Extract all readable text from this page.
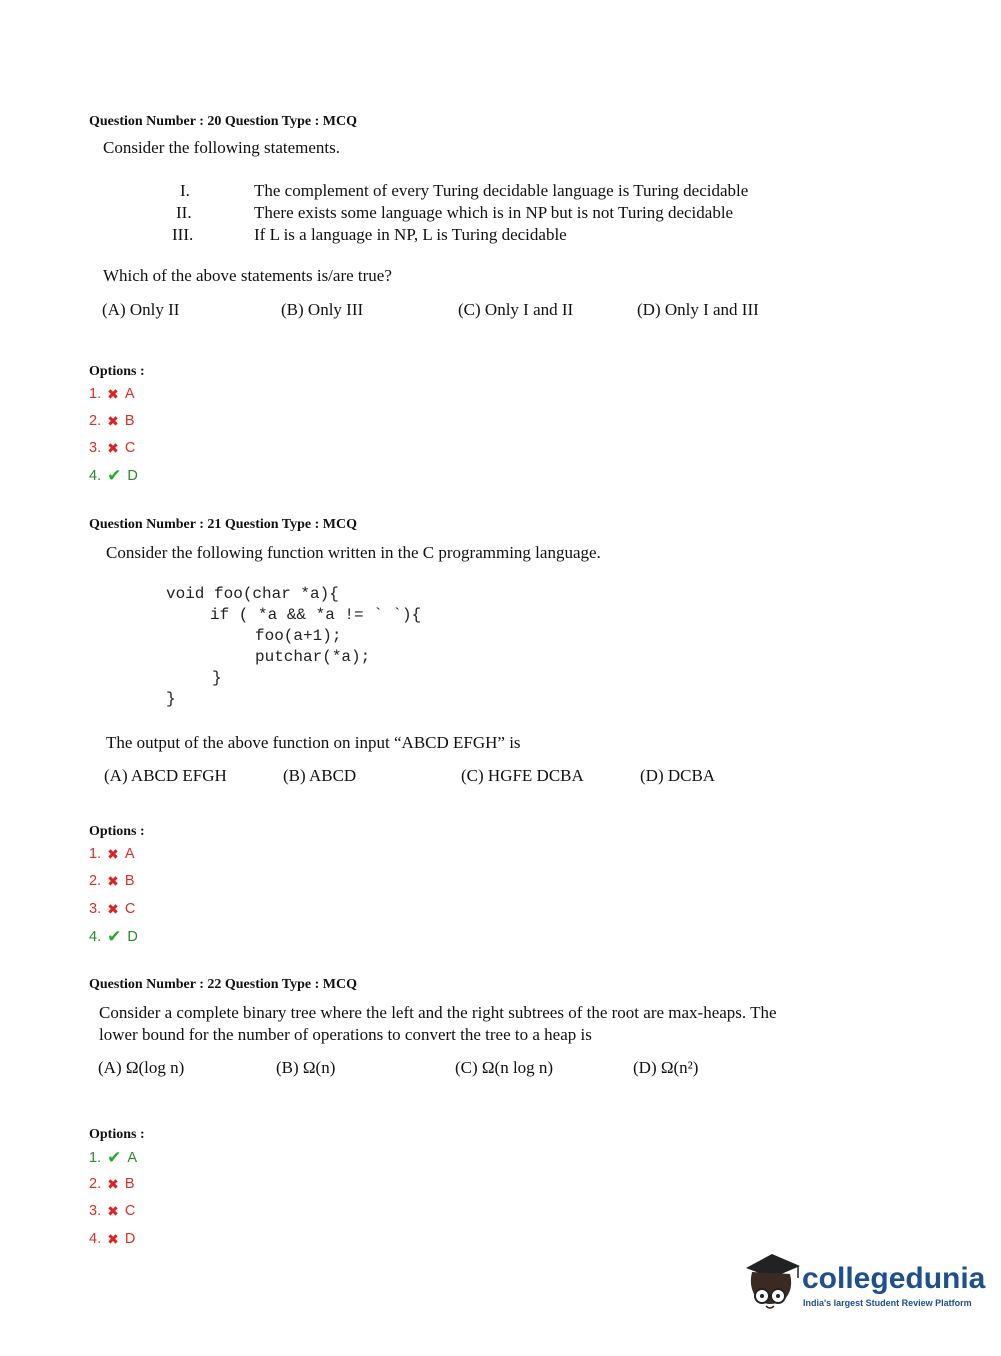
Question Number : 20 Question Type : MCQ
Consider the following statements.
I.	The complement of every Turing decidable language is Turing decidable
II.	There exists some language which is in NP but is not Turing decidable
III.	If L is a language in NP, L is Turing decidable
Which of the above statements is/are true?
(A) Only II	(B) Only III	(C) Only I and II	(D) Only I and III
Options :
1. ✖ A
2. ✖ B
3. ✖ C
4. ✔ D
Question Number : 21 Question Type : MCQ
Consider the following function written in the C programming language.
void foo(char *a){
if ( *a && *a != ` `){
foo(a+1);
putchar(*a);
}
}
The output of the above function on input “ABCD EFGH” is
(A) ABCD EFGH	(B) ABCD	(C) HGFE DCBA	(D) DCBA
Options :
1. ✖ A
2. ✖ B
3. ✖ C
4. ✔ D
Question Number : 22 Question Type : MCQ
Consider a complete binary tree where the left and the right subtrees of the root are max-heaps. The
lower bound for the number of operations to convert the tree to a heap is
(A) Ω(log n)	(B) Ω(n)	(C) Ω(n log n)	(D) Ω(n²)
Options :
1. ✔ A
2. ✖ B
3. ✖ C
4. ✖ D
collegedunia
India's largest Student Review Platform
